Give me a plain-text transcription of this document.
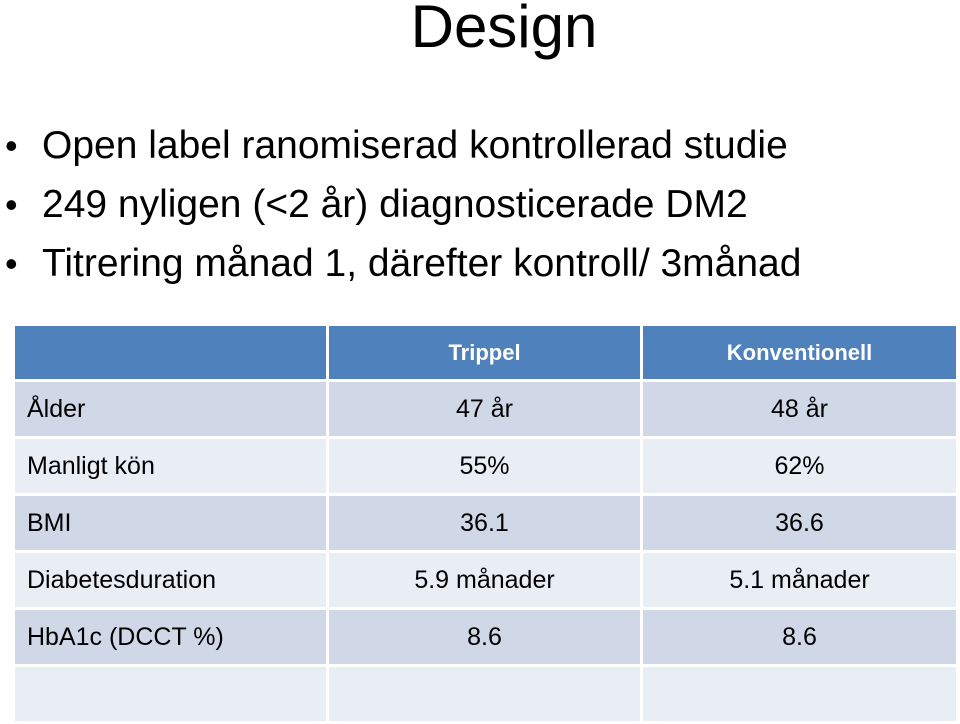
Design
• Open label ranomiserad kontrollerad studie
• 249 nyligen (<2 år) diagnosticerade DM2
• Titrering månad 1, därefter kontroll/ 3månad
	Trippel	Konventionell
Ålder	47 år	48 år
Manligt kön	55%	62%
BMI	36.1	36.6
Diabetesduration	5.9 månader	5.1 månader
HbA1c (DCCT %)	8.6	8.6
